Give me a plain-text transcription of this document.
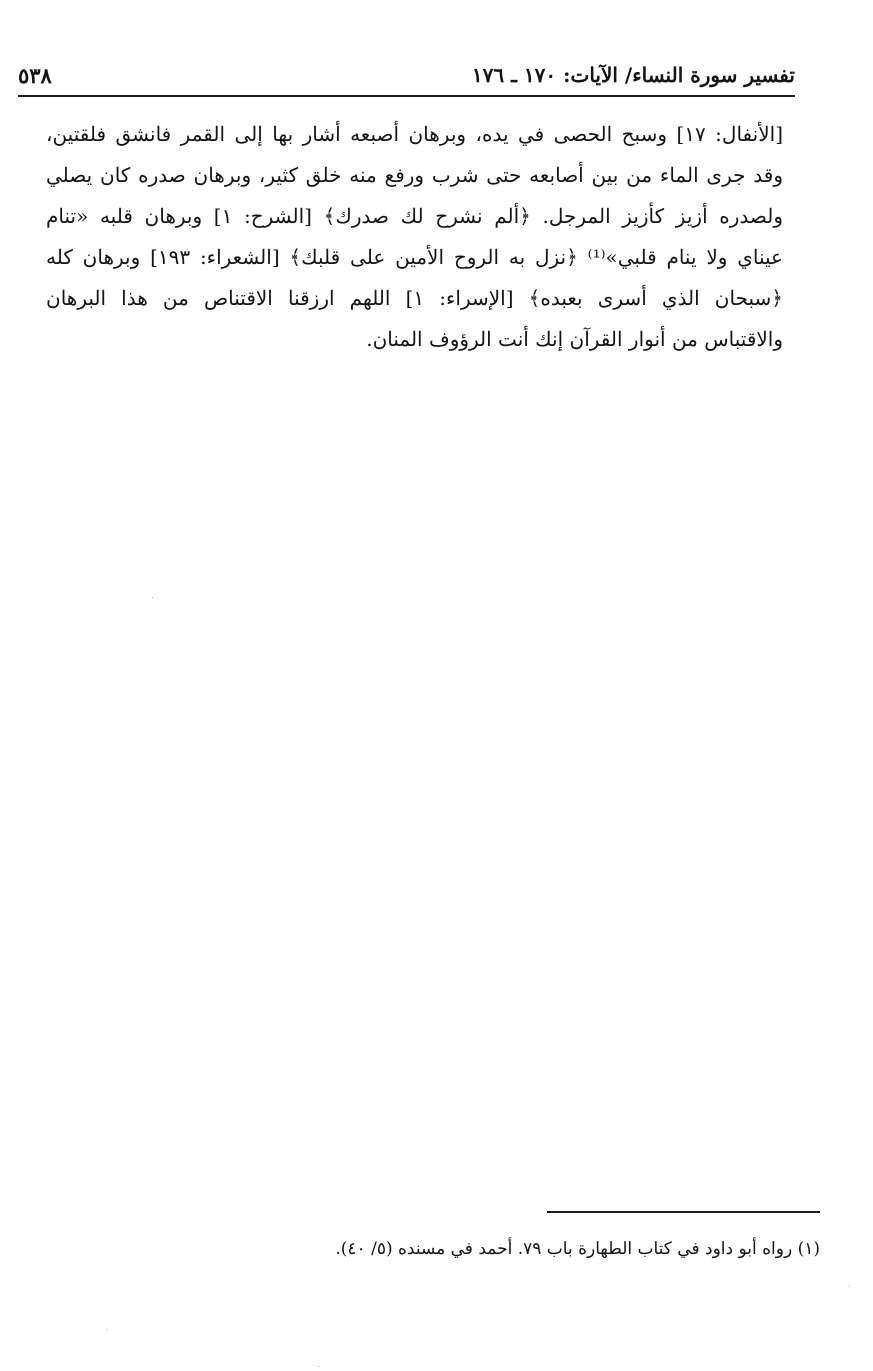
٥٣٨	تفسير سورة النساء/ الآيات: ١٧٠ ـ ١٧٦
[الأنفال: ١٧] وسبح الحصى في يده، وبرهان أصبعه أشار بها إلى القمر فانشق فلقتين،
وقد جرى الماء من بين أصابعه حتى شرب ورفع منه خلق كثير، وبرهان صدره كان يصلي
ولصدره أزيز كأزيز المرجل. ﴿ألم نشرح لك صدرك﴾ [الشرح: ١] وبرهان قلبه «تنام
عيناي ولا ينام قلبي»⁽¹⁾ ﴿نزل به الروح الأمين على قلبك﴾ [الشعراء: ١٩٣] وبرهان كله
﴿سبحان الذي أسرى بعبده﴾ [الإسراء: ١] اللهم ارزقنا الاقتناص من هذا البرهان
والاقتباس من أنوار القرآن إنك أنت الرؤوف المنان.
(١) رواه أبو داود في كتاب الطهارة باب ٧٩. أحمد في مسنده (٥/ ٤٠).
